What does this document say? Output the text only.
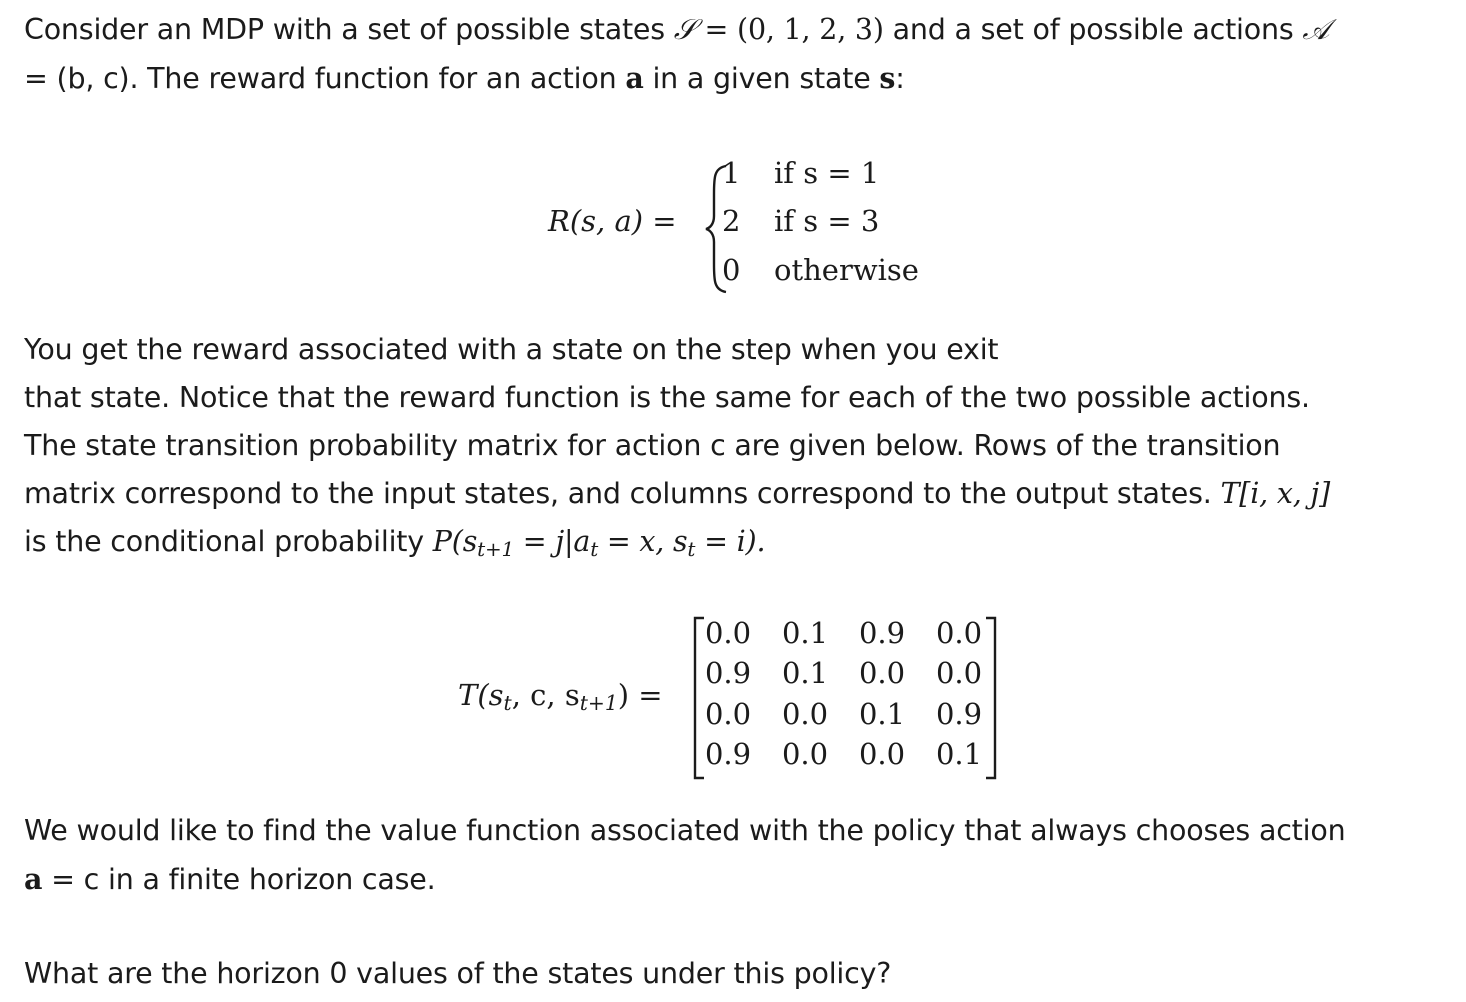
Consider an MDP with a set of possible states 𝒮 = (0, 1, 2, 3) and a set of possible actions 𝒜
= (b, c). The reward function for an action a in a given state s:
R(s, a) =
1 if s = 1
2 if s = 3
0 otherwise
You get the reward associated with a state on the step when you exit
that state. Notice that the reward function is the same for each of the two possible actions.
The state transition probability matrix for action c are given below. Rows of the transition
matrix correspond to the input states, and columns correspond to the output states. T[i, x, j]
is the conditional probability $P(s_{t+1} = j|a_t = x$, $s_t = i$).
$T(s_t$, c, $s_{t+1}$) =
0.0 0.1 0.9 0.0
0.9 0.1 0.0 0.0
0.0 0.0 0.1 0.9
0.9 0.0 0.0 0.1
We would like to find the value function associated with the policy that always chooses action
a = c in a finite horizon case.
What are the horizon 0 values of the states under this policy?
